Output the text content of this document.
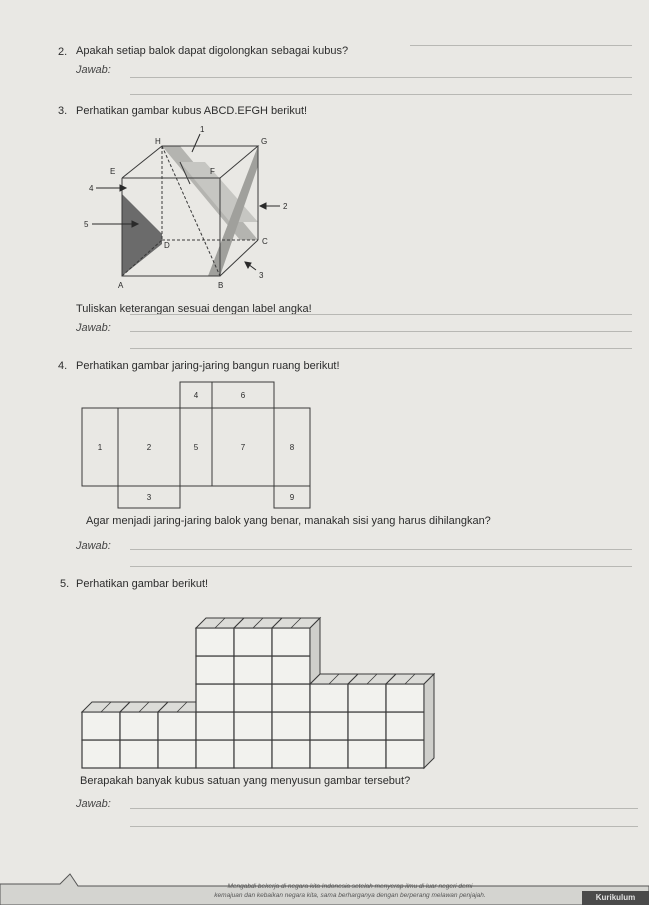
2. Apakah setiap balok dapat digolongkan sebagai kubus?
Jawab:
3. Perhatikan gambar kubus ABCD.EFGH berikut!
H	G
E	F
D	C
A	B
1
2
3
4
5
Tuliskan keterangan sesuai dengan label angka!
Jawab:
4. Perhatikan gambar jaring-jaring bangun ruang berikut!
4	6
1	2	5	7	8
3	9
Agar menjadi jaring-jaring balok yang benar, manakah sisi yang harus dihilangkan?
Jawab:
5. Perhatikan gambar berikut!
Berapakah banyak kubus satuan yang menyusun gambar tersebut?
Jawab:
Mengabdi bekerja di negara kita Indonesia setelah menyerap ilmu di luar negeri demi
kemajuan dan kebaikan negara kita, sama berharganya dengan berperang melawan penjajah.	Kurikulum
